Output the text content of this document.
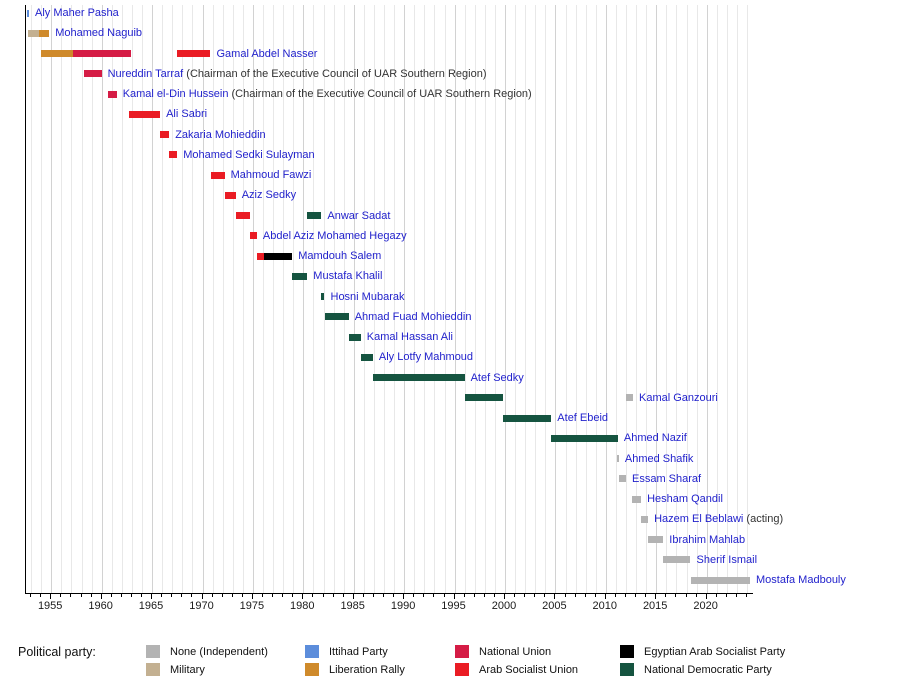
Aly Maher Pasha
Mohamed Naguib
Gamal Abdel Nasser
Nureddin Tarraf (Chairman of the Executive Council of UAR Southern Region)
Kamal el-Din Hussein (Chairman of the Executive Council of UAR Southern Region)
Ali Sabri
Zakaria Mohieddin
Mohamed Sedki Sulayman
Mahmoud Fawzi
Aziz Sedky
Anwar Sadat
Abdel Aziz Mohamed Hegazy
Mamdouh Salem
Mustafa Khalil
Hosni Mubarak
Ahmad Fuad Mohieddin
Kamal Hassan Ali
Aly Lotfy Mahmoud
Atef Sedky
Kamal Ganzouri
Atef Ebeid
Ahmed Nazif
Ahmed Shafik
Essam Sharaf
Hesham Qandil
Hazem El Beblawi (acting)
Ibrahim Mahlab
Sherif Ismail
Mostafa Madbouly
1955	1960	1965	1970	1975	1980	1985	1990	1995	2000	2005	2010	2015	2020
Political party:	None (Independent)
Military
Ittihad Party
Liberation Rally
National Union
Arab Socialist Union
Egyptian Arab Socialist Party
National Democratic Party
